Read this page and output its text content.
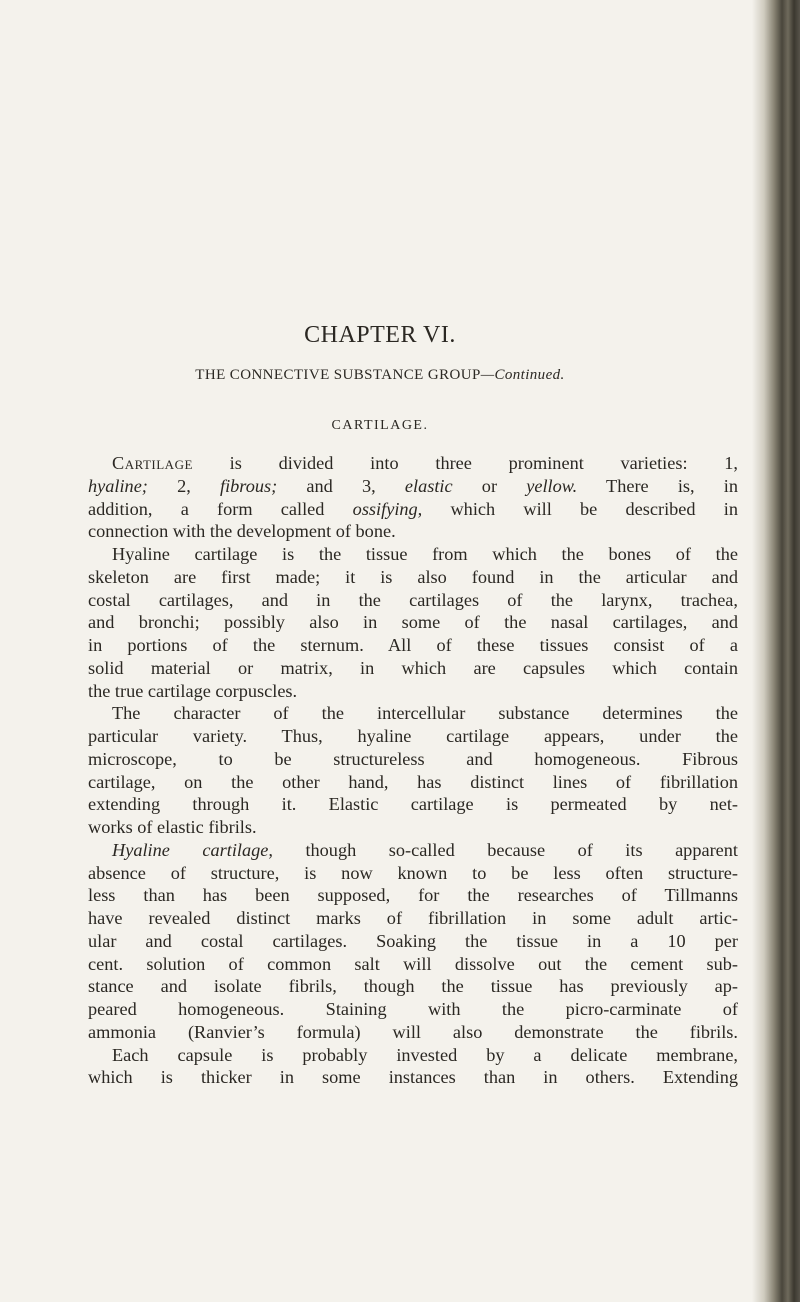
CHAPTER VI.
THE CONNECTIVE SUBSTANCE GROUP—Continued.
CARTILAGE.
Cartilage is divided into three prominent varieties: 1,
hyaline; 2, fibrous; and 3, elastic or yellow. There is, in
addition, a form called ossifying, which will be described in
connection with the development of bone.
Hyaline cartilage is the tissue from which the bones of the
skeleton are first made; it is also found in the articular and
costal cartilages, and in the cartilages of the larynx, trachea,
and bronchi; possibly also in some of the nasal cartilages, and
in portions of the sternum. All of these tissues consist of a
solid material or matrix, in which are capsules which contain
the true cartilage corpuscles.
The character of the intercellular substance determines the
particular variety. Thus, hyaline cartilage appears, under the
microscope, to be structureless and homogeneous. Fibrous
cartilage, on the other hand, has distinct lines of fibrillation
extending through it. Elastic cartilage is permeated by net-
works of elastic fibrils.
Hyaline cartilage, though so-called because of its apparent
absence of structure, is now known to be less often structure-
less than has been supposed, for the researches of Tillmanns
have revealed distinct marks of fibrillation in some adult artic-
ular and costal cartilages. Soaking the tissue in a 10 per
cent. solution of common salt will dissolve out the cement sub-
stance and isolate fibrils, though the tissue has previously ap-
peared homogeneous. Staining with the picro-carminate of
ammonia (Ranvier’s formula) will also demonstrate the fibrils.
Each capsule is probably invested by a delicate membrane,
which is thicker in some instances than in others. Extending
